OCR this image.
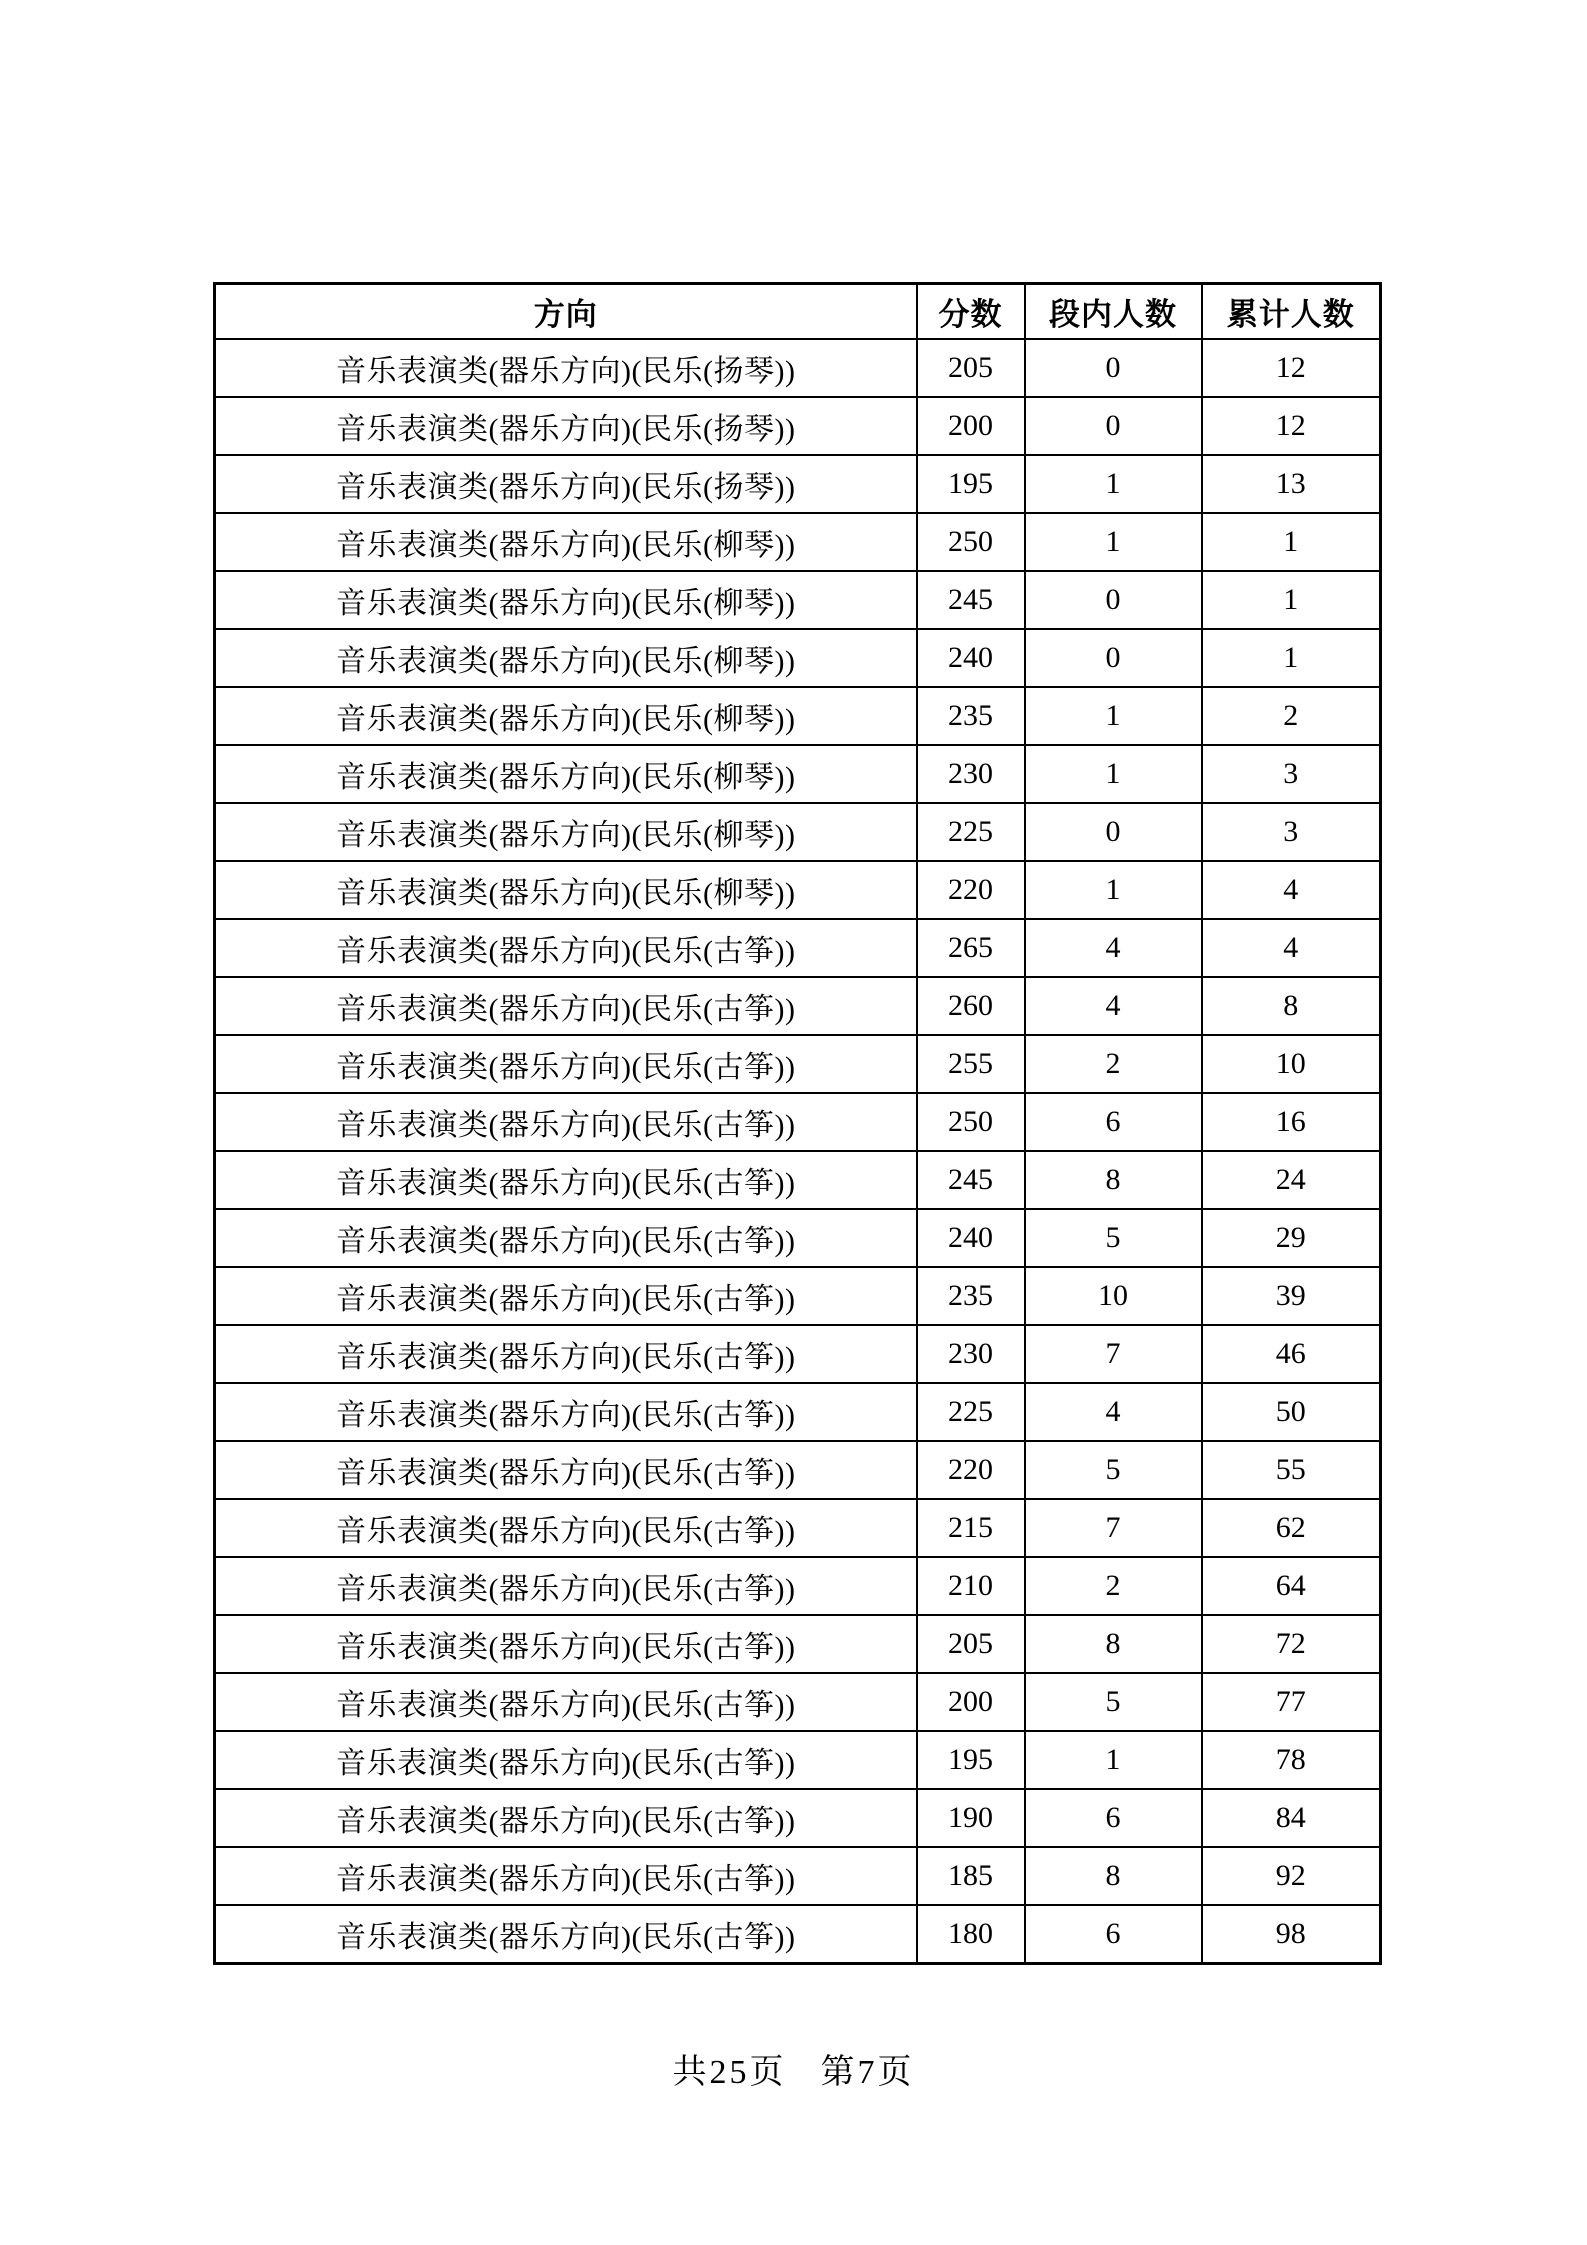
方向	分数	段内人数	累计人数
音乐表演类(器乐方向)(民乐(扬琴))	205	0	12
音乐表演类(器乐方向)(民乐(扬琴))	200	0	12
音乐表演类(器乐方向)(民乐(扬琴))	195	1	13
音乐表演类(器乐方向)(民乐(柳琴))	250	1	1
音乐表演类(器乐方向)(民乐(柳琴))	245	0	1
音乐表演类(器乐方向)(民乐(柳琴))	240	0	1
音乐表演类(器乐方向)(民乐(柳琴))	235	1	2
音乐表演类(器乐方向)(民乐(柳琴))	230	1	3
音乐表演类(器乐方向)(民乐(柳琴))	225	0	3
音乐表演类(器乐方向)(民乐(柳琴))	220	1	4
音乐表演类(器乐方向)(民乐(古筝))	265	4	4
音乐表演类(器乐方向)(民乐(古筝))	260	4	8
音乐表演类(器乐方向)(民乐(古筝))	255	2	10
音乐表演类(器乐方向)(民乐(古筝))	250	6	16
音乐表演类(器乐方向)(民乐(古筝))	245	8	24
音乐表演类(器乐方向)(民乐(古筝))	240	5	29
音乐表演类(器乐方向)(民乐(古筝))	235	10	39
音乐表演类(器乐方向)(民乐(古筝))	230	7	46
音乐表演类(器乐方向)(民乐(古筝))	225	4	50
音乐表演类(器乐方向)(民乐(古筝))	220	5	55
音乐表演类(器乐方向)(民乐(古筝))	215	7	62
音乐表演类(器乐方向)(民乐(古筝))	210	2	64
音乐表演类(器乐方向)(民乐(古筝))	205	8	72
音乐表演类(器乐方向)(民乐(古筝))	200	5	77
音乐表演类(器乐方向)(民乐(古筝))	195	1	78
音乐表演类(器乐方向)(民乐(古筝))	190	6	84
音乐表演类(器乐方向)(民乐(古筝))	185	8	92
音乐表演类(器乐方向)(民乐(古筝))	180	6	98
共25页 第7页
